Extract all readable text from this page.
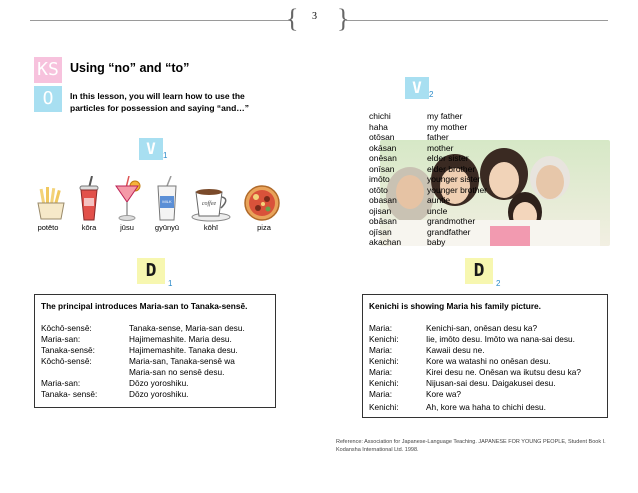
{ }
3
KS
O
Using “no” and “to”
In this lesson, you will learn how to use the
particles for possession and saying “and…”
V 1
MILK	coffee
potēto	kōra	jūsu	gyūnyū	kōhī	piza
V 2
chichi	my father
haha	my mother
otōsan	father
okāsan	mother
onēsan	elder sister
onīsan	elder brother
imōto	younger sister
otōto	younger brother
obasan	auntie
ojisan	uncle
obāsan	grandmother
ojīsan	grandfather
akachan	baby
D
1
D
2
The principal introduces Maria-san to Tanaka-sensē.
Kōchō-sensē:	Tanaka-sense, Maria-san desu.
Maria-san:	Hajimemashite. Maria desu.
Tanaka-sensē:	Hajimemashite. Tanaka desu.
Kōchō-sensē:	Maria-san, Tanaka-sensē wa
Maria-san no sensē desu.
Maria-san:	Dōzo yoroshiku.
Tanaka- sensē:	Dōzo yoroshiku.
Kenichi is showing Maria his family picture.
Maria:	Kenichi-san, onēsan desu ka?
Kenichi:	Iie, imōto desu. Imōto wa nana-sai desu.
Maria:	Kawaii desu ne.
Kenichi:	Kore wa watashi no onēsan desu.
Maria:	Kirei desu ne. Onēsan wa ikutsu desu ka?
Kenichi:	Nijusan-sai desu. Daigakusei desu.
Maria:	Kore wa?
Kenichi:	Ah, kore wa haha to chichi desu.
Reference: Association for Japanese-Language Teaching. JAPANESE FOR YOUNG PEOPLE, Student Book I.
Kodansha International Ltd. 1998.
